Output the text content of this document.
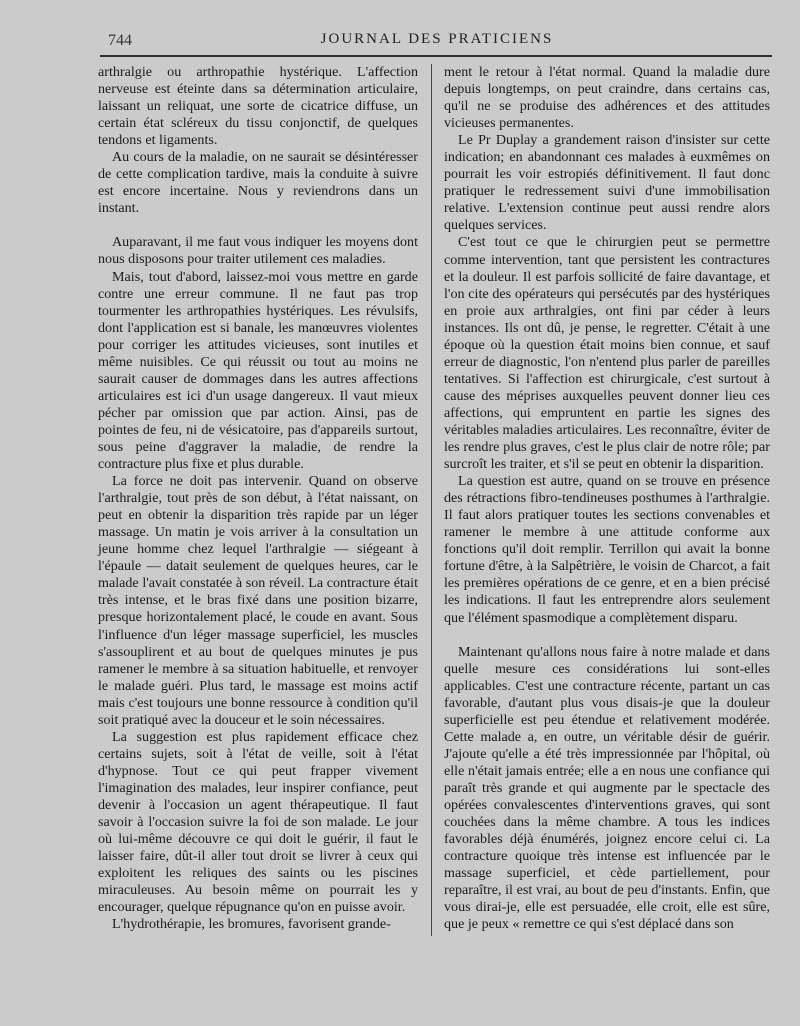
744	JOURNAL DES PRATICIENS

arthralgie ou arthropathie hystérique. L'affection nerveuse est éteinte dans sa détermination articulaire, laissant un reliquat, une sorte de cicatrice diffuse, un certain état scléreux du tissu conjonctif, de quelques tendons et ligaments.

Au cours de la maladie, on ne saurait se désintéresser de cette complication tardive, mais la conduite à suivre est encore incertaine. Nous y reviendrons dans un instant.

Auparavant, il me faut vous indiquer les moyens dont nous disposons pour traiter utilement ces maladies.

Mais, tout d'abord, laissez-moi vous mettre en garde contre une erreur commune. Il ne faut pas trop tourmenter les arthropathies hystériques. Les révulsifs, dont l'application est si banale, les manœuvres violentes pour corriger les attitudes vicieuses, sont inutiles et même nuisibles. Ce qui réussit ou tout au moins ne saurait causer de dommages dans les autres affections articulaires est ici d'un usage dangereux. Il vaut mieux pécher par omission que par action. Ainsi, pas de pointes de feu, ni de vésicatoire, pas d'appareils surtout, sous peine d'aggraver la maladie, de rendre la contracture plus fixe et plus durable.

La force ne doit pas intervenir. Quand on observe l'arthralgie, tout près de son début, à l'état naissant, on peut en obtenir la disparition très rapide par un léger massage. Un matin je vois arriver à la consultation un jeune homme chez lequel l'arthralgie — siégeant à l'épaule — datait seulement de quelques heures, car le malade l'avait constatée à son réveil. La contracture était très intense, et le bras fixé dans une position bizarre, presque horizontalement placé, le coude en avant. Sous l'influence d'un léger massage superficiel, les muscles s'assouplirent et au bout de quelques minutes je pus ramener le membre à sa situation habituelle, et renvoyer le malade guéri. Plus tard, le massage est moins actif mais c'est toujours une bonne ressource à condition qu'il soit pratiqué avec la douceur et le soin nécessaires.

La suggestion est plus rapidement efficace chez certains sujets, soit à l'état de veille, soit à l'état d'hypnose. Tout ce qui peut frapper vivement l'imagination des malades, leur inspirer confiance, peut devenir à l'occasion un agent thérapeutique. Il faut savoir à l'occasion suivre la foi de son malade. Le jour où lui-même découvre ce qui doit le guérir, il faut le laisser faire, dût-il aller tout droit se livrer à ceux qui exploitent les reliques des saints ou les piscines miraculeuses. Au besoin même on pourrait les y encourager, quelque répugnance qu'on en puisse avoir.

L'hydrothérapie, les bromures, favorisent grande-

ment le retour à l'état normal. Quand la maladie dure depuis longtemps, on peut craindre, dans certains cas, qu'il ne se produise des adhérences et des attitudes vicieuses permanentes.

Le Pr Duplay a grandement raison d'insister sur cette indication; en abandonnant ces malades à euxmêmes on pourrait les voir estropiés définitivement. Il faut donc pratiquer le redressement suivi d'une immobilisation relative. L'extension continue peut aussi rendre alors quelques services.

C'est tout ce que le chirurgien peut se permettre comme intervention, tant que persistent les contractures et la douleur. Il est parfois sollicité de faire davantage, et l'on cite des opérateurs qui persécutés par des hystériques en proie aux arthralgies, ont fini par céder à leurs instances. Ils ont dû, je pense, le regretter. C'était à une époque où la question était moins bien connue, et sauf erreur de diagnostic, l'on n'entend plus parler de pareilles tentatives. Si l'affection est chirurgicale, c'est surtout à cause des méprises auxquelles peuvent donner lieu ces affections, qui empruntent en partie les signes des véritables maladies articulaires. Les reconnaître, éviter de les rendre plus graves, c'est le plus clair de notre rôle; par surcroît les traiter, et s'il se peut en obtenir la disparition.

La question est autre, quand on se trouve en présence des rétractions fibro-tendineuses posthumes à l'arthralgie. Il faut alors pratiquer toutes les sections convenables et ramener le membre à une attitude conforme aux fonctions qu'il doit remplir. Terrillon qui avait la bonne fortune d'être, à la Salpêtrière, le voisin de Charcot, a fait les premières opérations de ce genre, et en a bien précisé les indications. Il faut les entreprendre alors seulement que l'élément spasmodique a complètement disparu.

Maintenant qu'allons nous faire à notre malade et dans quelle mesure ces considérations lui sont-elles applicables. C'est une contracture récente, partant un cas favorable, d'autant plus vous disais-je que la douleur superficielle est peu étendue et relativement modérée. Cette malade a, en outre, un véritable désir de guérir. J'ajoute qu'elle a été très impressionnée par l'hôpital, où elle n'était jamais entrée; elle a en nous une confiance qui paraît très grande et qui augmente par le spectacle des opérées convalescentes d'interventions graves, qui sont couchées dans la même chambre. A tous les indices favorables déjà énumérés, joignez encore celui ci. La contracture quoique très intense est influencée par le massage superficiel, et cède partiellement, pour reparaître, il est vrai, au bout de peu d'instants. Enfin, que vous dirai-je, elle est persuadée, elle croit, elle est sûre, que je peux « remettre ce qui s'est déplacé dans son
